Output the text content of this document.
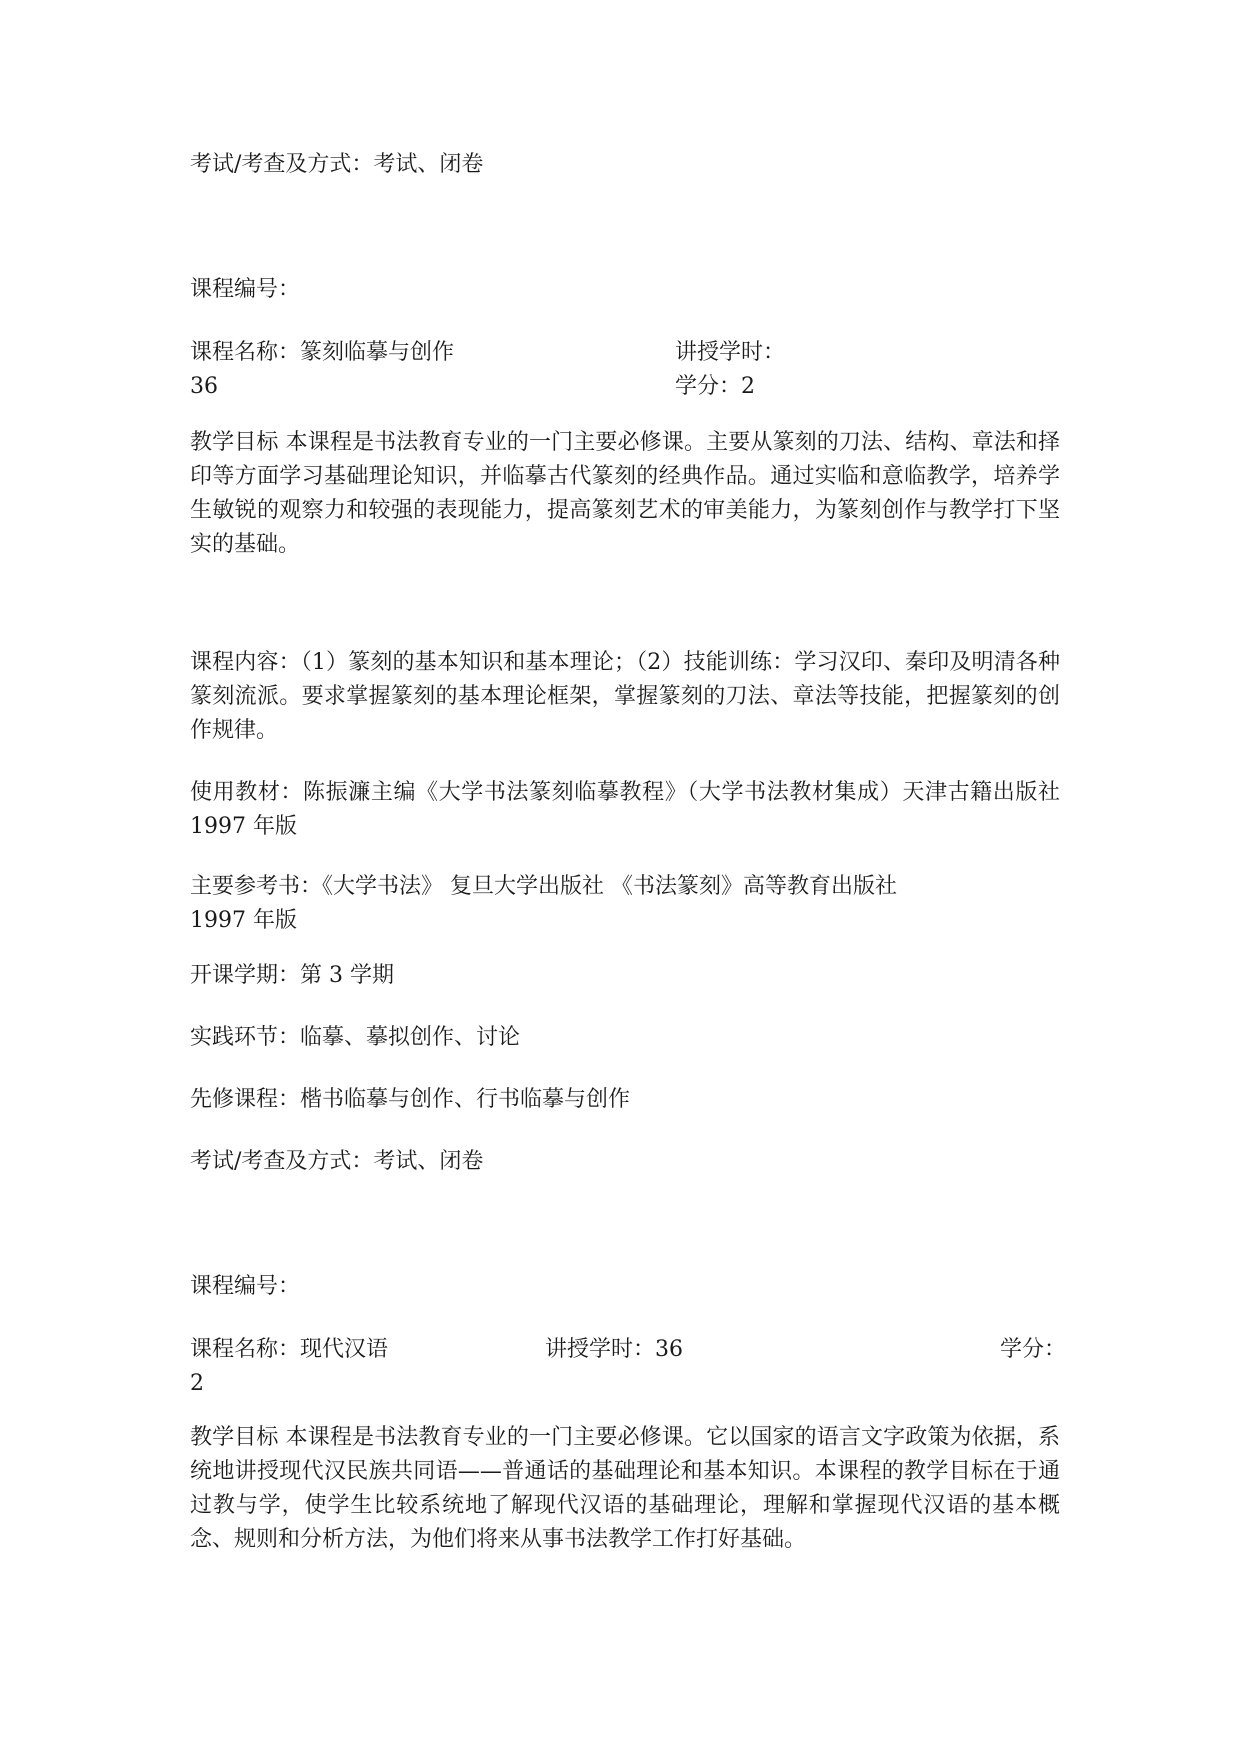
考试/考查及方式：考试、闭卷
课程编号：
课程名称：篆刻临摹与创作	讲授学时：
36	学分：2
教学目标 本课程是书法教育专业的一门主要必修课。主要从篆刻的刀法、结构、章法和择印等方面学习基础理论知识，并临摹古代篆刻的经典作品。通过实临和意临教学，培养学生敏锐的观察力和较强的表现能力，提高篆刻艺术的审美能力，为篆刻创作与教学打下坚实的基础。
课程内容：（1）篆刻的基本知识和基本理论；（2）技能训练：学习汉印、秦印及明清各种篆刻流派。要求掌握篆刻的基本理论框架，掌握篆刻的刀法、章法等技能，把握篆刻的创作规律。
使用教材：陈振濂主编《大学书法篆刻临摹教程》（大学书法教材集成）天津古籍出版社 1997 年版
主要参考书：《大学书法》 复旦大学出版社 《书法篆刻》高等教育出版社
1997 年版
开课学期：第 3 学期
实践环节：临摹、摹拟创作、讨论
先修课程：楷书临摹与创作、行书临摹与创作
考试/考查及方式：考试、闭卷
课程编号：
课程名称：现代汉语	讲授学时：36	学分：
2
教学目标 本课程是书法教育专业的一门主要必修课。它以国家的语言文字政策为依据，系统地讲授现代汉民族共同语——普通话的基础理论和基本知识。本课程的教学目标在于通过教与学，使学生比较系统地了解现代汉语的基础理论，理解和掌握现代汉语的基本概念、规则和分析方法，为他们将来从事书法教学工作打好基础。
